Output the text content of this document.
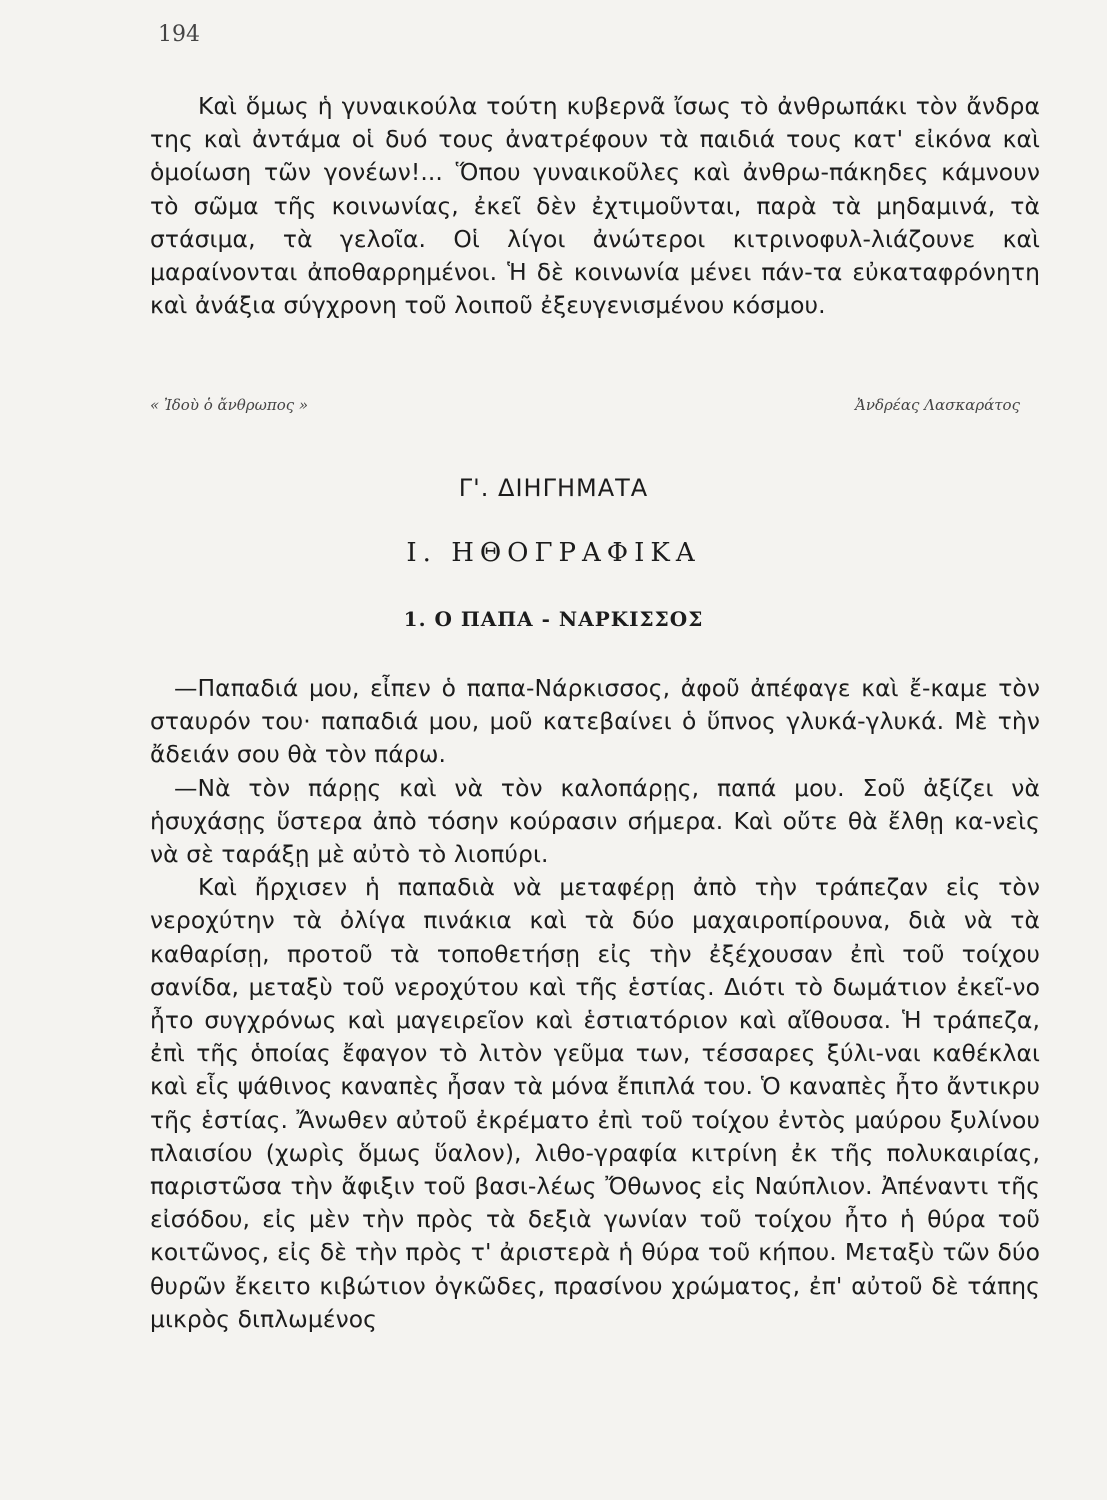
194

Καὶ ὅμως ἡ γυναικούλα τούτη κυβερνᾶ ἴσως τὸ ἀνθρωπάκι τὸν ἄνδρα της καὶ ἀντάμα οἱ δυό τους ἀνατρέφουν τὰ παιδιά τους κατ' εἰκόνα καὶ ὁμοίωση τῶν γονέων!... Ὅπου γυναικοῦλες καὶ ἀνθρω-πάκηδες κάμνουν τὸ σῶμα τῆς κοινωνίας, ἐκεῖ δὲν ἐχτιμοῦνται, παρὰ τὰ μηδαμινά, τὰ στάσιμα, τὰ γελοῖα. Οἱ λίγοι ἀνώτεροι κιτρινοφυλ-λιάζουνε καὶ μαραίνονται ἀποθαρρημένοι. Ἡ δὲ κοινωνία μένει πάν-τα εὐκαταφρόνητη καὶ ἀνάξια σύγχρονη τοῦ λοιποῦ ἐξευγενισμένου κόσμου.

« Ἰδοὺ ὁ ἄνθρωπος »	Ἀνδρέας Λασκαράτος
Γ'. ΔΙΗΓΗΜΑΤΑ
Ι. ΗΘΟΓΡΑΦΙΚΑ
1. Ο ΠΑΠΑ - ΝΑΡΚΙΣΣΟΣ

—Παπαδιά μου, εἶπεν ὁ παπα-Νάρκισσος, ἀφοῦ ἀπέφαγε καὶ ἔ-καμε τὸν σταυρόν του· παπαδιά μου, μοῦ κατεβαίνει ὁ ὕπνος γλυκά-γλυκά. Μὲ τὴν ἄδειάν σου θὰ τὸν πάρω.

—Νὰ τὸν πάρῃς καὶ νὰ τὸν καλοπάρῃς, παπά μου. Σοῦ ἀξίζει νὰ ἡσυχάσῃς ὕστερα ἀπὸ τόσην κούρασιν σήμερα. Καὶ οὔτε θὰ ἔλθῃ κα-νεὶς νὰ σὲ ταράξῃ μὲ αὐτὸ τὸ λιοπύρι.

Καὶ ἤρχισεν ἡ παπαδιὰ νὰ μεταφέρῃ ἀπὸ τὴν τράπεζαν εἰς τὸν νεροχύτην τὰ ὀλίγα πινάκια καὶ τὰ δύο μαχαιροπίρουνα, διὰ νὰ τὰ καθαρίσῃ, προτοῦ τὰ τοποθετήσῃ εἰς τὴν ἐξέχουσαν ἐπὶ τοῦ τοίχου σανίδα, μεταξὺ τοῦ νεροχύτου καὶ τῆς ἑστίας. Διότι τὸ δωμάτιον ἐκεῖ-νο ἦτο συγχρόνως καὶ μαγειρεῖον καὶ ἑστιατόριον καὶ αἴθουσα. Ἡ τράπεζα, ἐπὶ τῆς ὁποίας ἔφαγον τὸ λιτὸν γεῦμα των, τέσσαρες ξύλι-ναι καθέκλαι καὶ εἷς ψάθινος καναπὲς ἦσαν τὰ μόνα ἔπιπλά του. Ὁ καναπὲς ἦτο ἄντικρυ τῆς ἑστίας. Ἄνωθεν αὐτοῦ ἐκρέματο ἐπὶ τοῦ τοίχου ἐντὸς μαύρου ξυλίνου πλαισίου (χωρὶς ὅμως ὕαλον), λιθο-γραφία κιτρίνη ἐκ τῆς πολυκαιρίας, παριστῶσα τὴν ἄφιξιν τοῦ βασι-λέως Ὄθωνος εἰς Ναύπλιον. Ἀπέναντι τῆς εἰσόδου, εἰς μὲν τὴν πρὸς τὰ δεξιὰ γωνίαν τοῦ τοίχου ἦτο ἡ θύρα τοῦ κοιτῶνος, εἰς δὲ τὴν πρὸς τ' ἀριστερὰ ἡ θύρα τοῦ κήπου. Μεταξὺ τῶν δύο θυρῶν ἔκειτο κιβώτιον ὀγκῶδες, πρασίνου χρώματος, ἐπ' αὐτοῦ δὲ τάπης μικρὸς διπλωμένος
